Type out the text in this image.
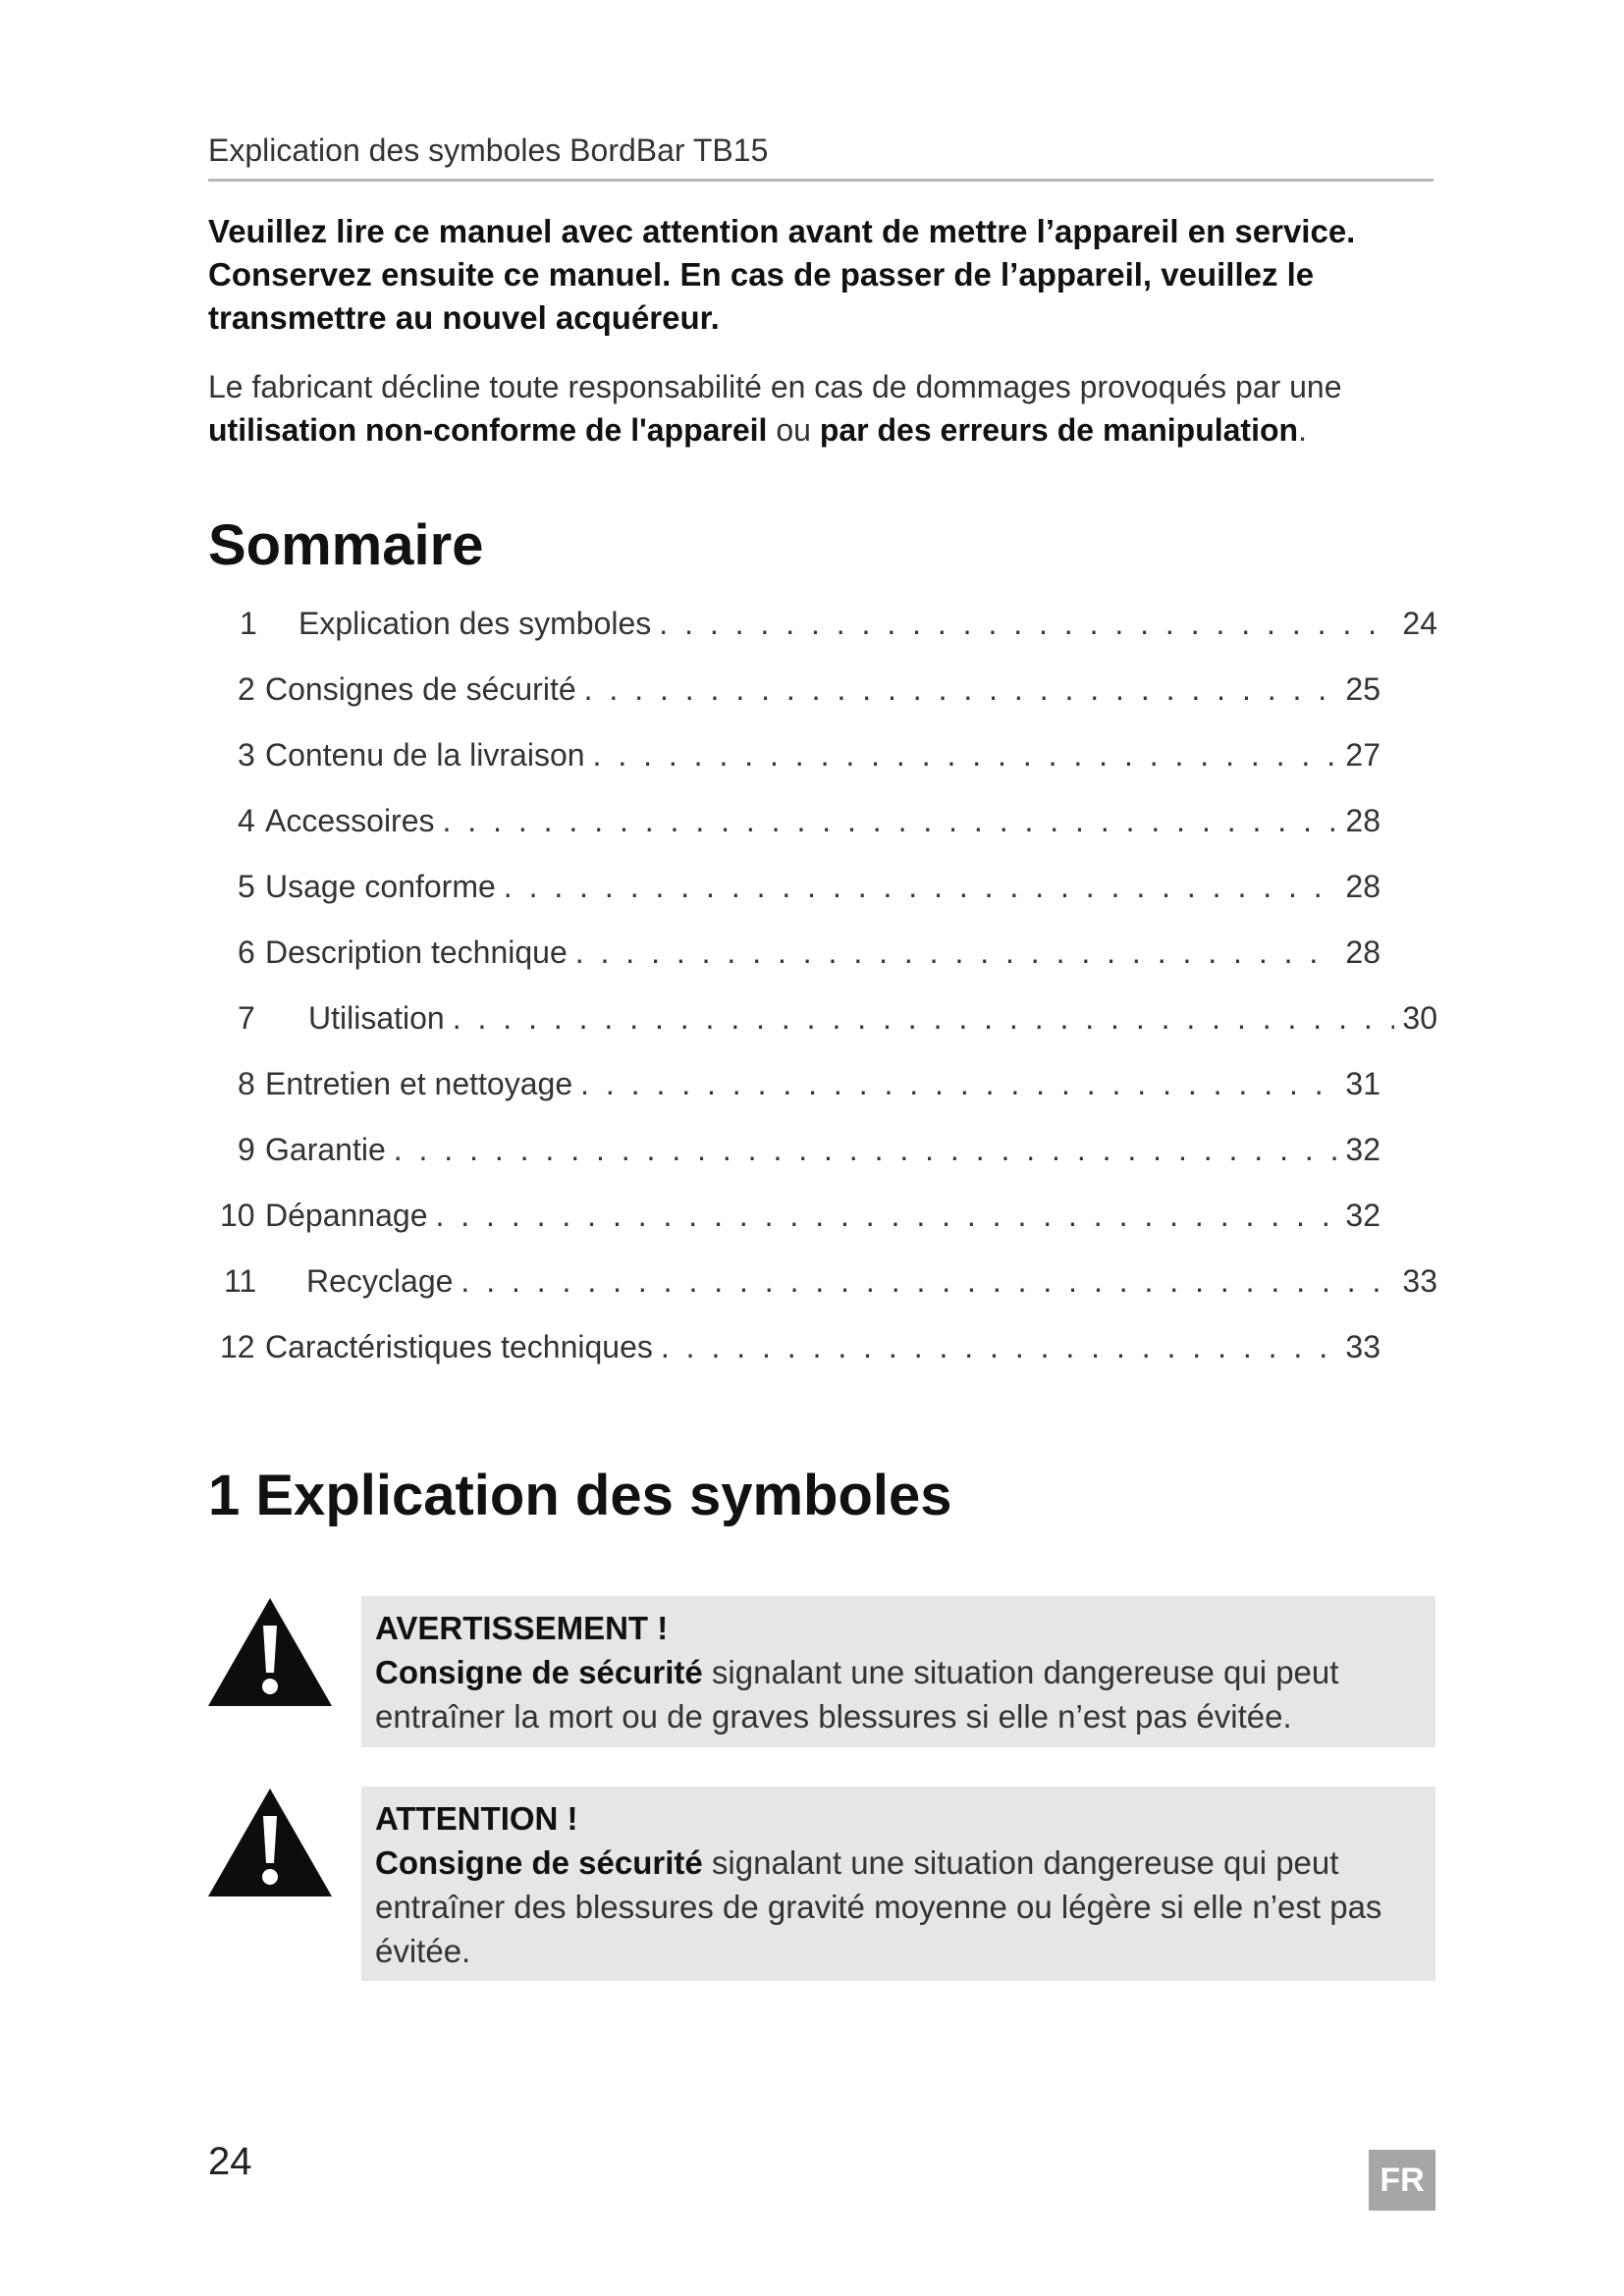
Explication des symboles BordBar TB15
Veuillez lire ce manuel avec attention avant de mettre l’appareil en service. Conservez ensuite ce manuel. En cas de passer de l’appareil, veuillez le transmettre au nouvel acquéreur.
Le fabricant décline toute responsabilité en cas de dommages provoqués par une utilisation non-conforme de l'appareil ou par des erreurs de manipulation.
Sommaire
1	Explication des symboles . . .	24
2 Consignes de sécurité . . .	25
3 Contenu de la livraison . . .	27
4 Accessoires . . .	28
5 Usage conforme . . .	28
6 Description technique . . .	28
7	Utilisation . . .	30
8 Entretien et nettoyage . . .	31
9 Garantie . . .	32
10 Dépannage . . .	32
11	Recyclage . . .	33
12 Caractéristiques techniques . . .	33
1 Explication des symboles
AVERTISSEMENT !
Consigne de sécurité signalant une situation dangereuse qui peut entraîner la mort ou de graves blessures si elle n’est pas évitée.
ATTENTION !
Consigne de sécurité signalant une situation dangereuse qui peut entraîner des blessures de gravité moyenne ou légère si elle n’est pas évitée.
24	FR
